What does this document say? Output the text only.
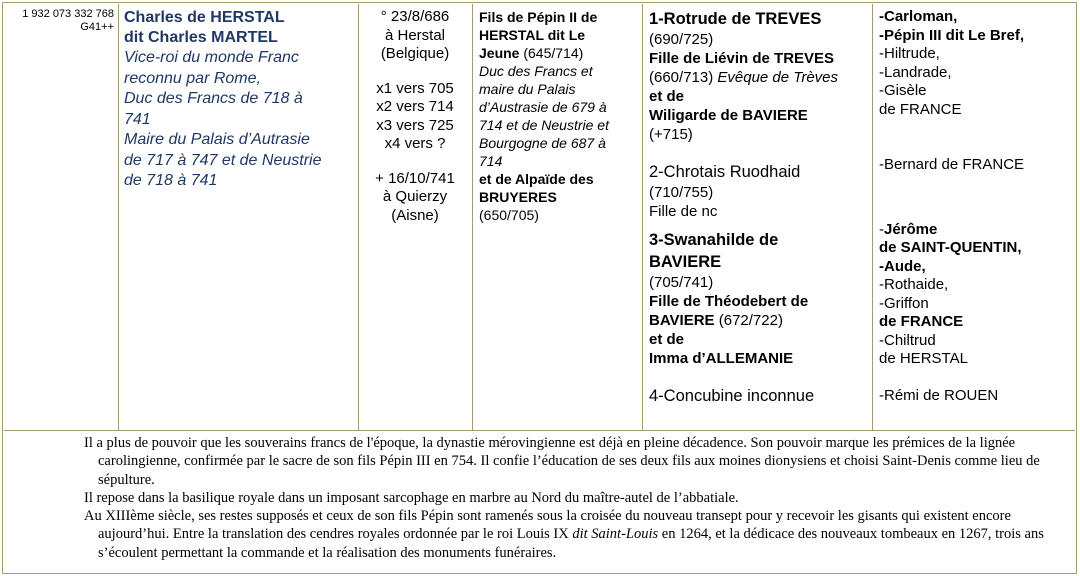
1 932 073 332 768
G41++
Charles de HERSTAL
dit Charles MARTEL
Vice-roi du monde Franc
reconnu par Rome,
Duc des Francs de 718 à
741
Maire du Palais d’Autrasie
de 717 à 747 et de Neustrie
de 718 à 741
° 23/8/686
à Herstal
(Belgique)
x1 vers 705
x2 vers 714
x3 vers 725
x4 vers ?
+ 16/10/741
à Quierzy
(Aisne)
Fils de Pépin II de
HERSTAL dit Le
Jeune (645/714)
Duc des Francs et
maire du Palais
d’Austrasie de 679 à
714 et de Neustrie et
Bourgogne de 687 à
714
et de Alpaïde des
BRUYERES
(650/705)
1-Rotrude de TREVES
(690/725)
Fille de Liévin de TREVES
(660/713) Evêque de Trèves
et de
Wiligarde de BAVIERE
(+715)
2-Chrotais Ruodhaid
(710/755)
Fille de nc
3-Swanahilde de
BAVIERE
(705/741)
Fille de Théodebert de
BAVIERE (672/722)
et de
Imma d’ALLEMANIE
4-Concubine inconnue
-Carloman,
-Pépin III dit Le Bref,
-Hiltrude,
-Landrade,
-Gisèle
de FRANCE
-Bernard de FRANCE
-Jérôme
de SAINT-QUENTIN,
-Aude,
-Rothaide,
-Griffon
de FRANCE
-Chiltrud
de HERSTAL
-Rémi de ROUEN

Il a plus de pouvoir que les souverains francs de l'époque, la dynastie mérovingienne est déjà en pleine décadence. Son pouvoir marque les prémices de la lignée carolingienne, confirmée par le sacre de son fils Pépin III en 754. Il confie l’éducation de ses deux fils aux moines dionysiens et choisi Saint-Denis comme lieu de sépulture.

Il repose dans la basilique royale dans un imposant sarcophage en marbre au Nord du maître-autel de l’abbatiale.

Au XIIIème siècle, ses restes supposés et ceux de son fils Pépin sont ramenés sous la croisée du nouveau transept pour y recevoir les gisants qui existent encore aujourd’hui. Entre la translation des cendres royales ordonnée par le roi Louis IX dit Saint-Louis en 1264, et la dédicace des nouveaux tombeaux en 1267, trois ans s’écoulent permettant la commande et la réalisation des monuments funéraires.
